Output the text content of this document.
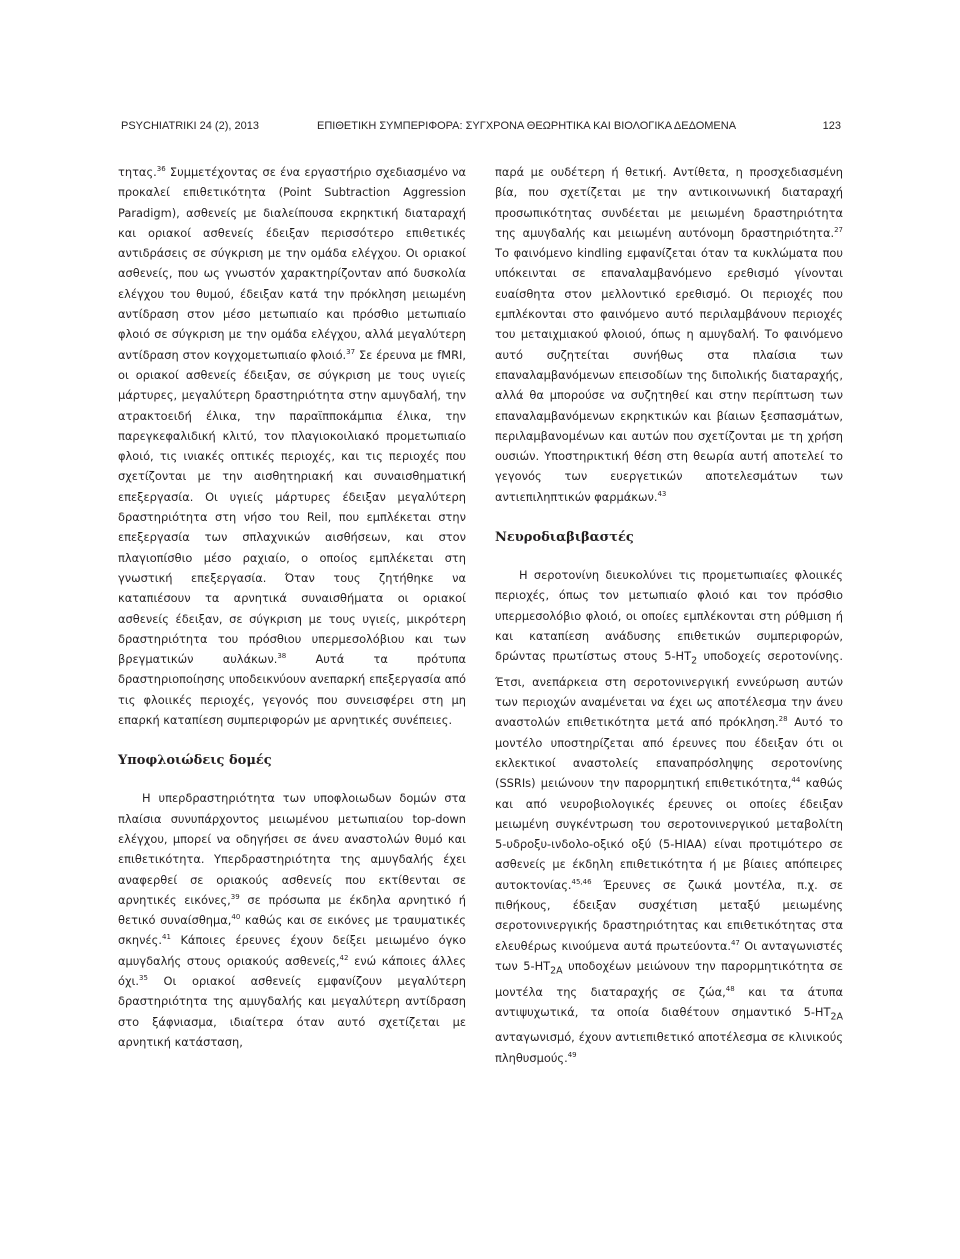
PSYCHIATRIKI 24 (2), 2013	ΕΠΙΘΕΤΙΚΗ ΣΥΜΠΕΡΙΦΟΡΑ: ΣΥΓΧΡΟΝΑ ΘΕΩΡΗΤΙΚΑ ΚΑΙ ΒΙΟΛΟΓΙΚΑ ΔΕΔΟΜΕΝΑ	123

τητας.$^{36}$ Συμμετέχοντας σε ένα εργαστήριο σχεδιασμένο να προκαλεί επιθετικότητα (Point Subtraction Aggression Paradigm), ασθενείς με διαλείπουσα εκρηκτική διαταραχή και οριακοί ασθενείς έδειξαν περισσότερο επιθετικές αντιδράσεις σε σύγκριση με την ομάδα ελέγχου. Οι οριακοί ασθενείς, που ως γνωστόν χαρακτηρίζονταν από δυσκολία ελέγχου του θυμού, έδειξαν κατά την πρόκληση μειωμένη αντίδραση στον μέσο μετωπιαίο και πρόσθιο μετωπιαίο φλοιό σε σύγκριση με την ομάδα ελέγχου, αλλά μεγαλύτερη αντίδραση στον κογχομετωπιαίο φλοιό.$^{37}$ Σε έρευνα με fMRI, οι οριακοί ασθενείς έδειξαν, σε σύγκριση με τους υγιείς μάρτυρες, μεγαλύτερη δραστηριότητα στην αμυγδαλή, την ατρακτοειδή έλικα, την παραϊπποκάμπια έλικα, την παρεγκεφαλιδική κλιτύ, τον πλαγιοκοιλιακό προμετωπιαίο φλοιό, τις ινιακές οπτικές περιοχές, και τις περιοχές που σχετίζονται με την αισθητηριακή και συναισθηματική επεξεργασία. Οι υγιείς μάρτυρες έδειξαν μεγαλύτερη δραστηριότητα στη νήσο του Reil, που εμπλέκεται στην επεξεργασία των σπλαχνικών αισθήσεων, και στον πλαγιοπίσθιο μέσο ραχιαίο, ο οποίος εμπλέκεται στη γνωστική επεξεργασία. Όταν τους ζητήθηκε να καταπιέσουν τα αρνητικά συναισθήματα οι οριακοί ασθενείς έδειξαν, σε σύγκριση με τους υγιείς, μικρότερη δραστηριότητα του πρόσθιου υπερμεσολόβιου και των βρεγματικών αυλάκων.$^{38}$ Αυτά τα πρότυπα δραστηριοποίησης υποδεικνύουν ανεπαρκή επεξεργασία από τις φλοιικές περιοχές, γεγονός που συνεισφέρει στη μη επαρκή καταπίεση συμπεριφορών με αρνητικές συνέπειες.

Υποφλοιώδεις δομές

Η υπερδραστηριότητα των υποφλοιωδων δομών στα πλαίσια συνυπάρχοντος μειωμένου μετωπιαίου top-down ελέγχου, μπορεί να οδηγήσει σε άνευ αναστολών θυμό και επιθετικότητα. Υπερδραστηριότητα της αμυγδαλής έχει αναφερθεί σε οριακούς ασθενείς που εκτίθενται σε αρνητικές εικόνες,$^{39}$ σε πρόσωπα με έκδηλα αρνητικό ή θετικό συναίσθημα,$^{40}$ καθώς και σε εικόνες με τραυματικές σκηνές.$^{41}$ Κάποιες έρευνες έχουν δείξει μειωμένο όγκο αμυγδαλής στους οριακούς ασθενείς,$^{42}$ ενώ κάποιες άλλες όχι.$^{35}$ Οι οριακοί ασθενείς εμφανίζουν μεγαλύτερη δραστηριότητα της αμυγδαλής και μεγαλύτερη αντίδραση στο ξάφνιασμα, ιδιαίτερα όταν αυτό σχετίζεται με αρνητική κατάσταση,

παρά με ουδέτερη ή θετική. Αντίθετα, η προσχεδιασμένη βία, που σχετίζεται με την αντικοινωνική διαταραχή προσωπικότητας συνδέεται με μειωμένη δραστηριότητα της αμυγδαλής και μειωμένη αυτόνομη δραστηριότητα.$^{27}$ Το φαινόμενο kindling εμφανίζεται όταν τα κυκλώματα που υπόκεινται σε επαναλαμβανόμενο ερεθισμό γίνονται ευαίσθητα στον μελλοντικό ερεθισμό. Οι περιοχές που εμπλέκονται στο φαινόμενο αυτό περιλαμβάνουν περιοχές του μεταιχμιακού φλοιού, όπως η αμυγδαλή. Το φαινόμενο αυτό συζητείται συνήθως στα πλαίσια των επαναλαμβανόμενων επεισοδίων της διπολικής διαταραχής, αλλά θα μπορούσε να συζητηθεί και στην περίπτωση των επαναλαμβανόμενων εκρηκτικών και βίαιων ξεσπασμάτων, περιλαμβανομένων και αυτών που σχετίζονται με τη χρήση ουσιών. Υποστηρικτική θέση στη θεωρία αυτή αποτελεί το γεγονός των ευεργετικών αποτελεσμάτων των αντιεπιληπτικών φαρμάκων.$^{43}$

Νευροδιαβιβαστές

Η σεροτονίνη διευκολύνει τις προμετωπιαίες φλοιικές περιοχές, όπως τον μετωπιαίο φλοιό και τον πρόσθιο υπερμεσολόβιο φλοιό, οι οποίες εμπλέκονται στη ρύθμιση ή και καταπίεση ανάδυσης επιθετικών συμπεριφορών, δρώντας πρωτίστως στους $5-HT_2$ υποδοχείς σεροτονίνης. Έτσι, ανεπάρκεια στη σεροτονινεργική εννεύρωση αυτών των περιοχών αναμένεται να έχει ως αποτέλεσμα την άνευ αναστολών επιθετικότητα μετά από πρόκληση.$^{28}$ Αυτό το μοντέλο υποστηρίζεται από έρευνες που έδειξαν ότι οι εκλεκτικοί αναστολείς επαναπρόσληψης σεροτονίνης (SSRIs) μειώνουν την παρορμητική επιθετικότητα,$^{44}$ καθώς και από νευροβιολογικές έρευνες οι οποίες έδειξαν μειωμένη συγκέντρωση του σεροτονινεργικού μεταβολίτη 5-υδροξυ-ινδολο-οξικό οξύ (5-HIAA) είναι προτιμότερο σε ασθενείς με έκδηλη επιθετικότητα ή με βίαιες απόπειρες αυτοκτονίας.$^{45,46}$ Έρευνες σε ζωικά μοντέλα, π.χ. σε πιθήκους, έδειξαν συσχέτιση μεταξύ μειωμένης σεροτονινεργικής δραστηριότητας και επιθετικότητας στα ελευθέρως κινούμενα αυτά πρωτεύοντα.$^{47}$ Οι ανταγωνιστές των $5-HT_{2A}$ υποδοχέων μειώνουν την παρορμητικότητα σε μοντέλα της διαταραχής σε ζώα,$^{48}$ και τα άτυπα αντιψυχωτικά, τα οποία διαθέτουν σημαντικό $5-HT_{2A}$ ανταγωνισμό, έχουν αντιεπιθετικό αποτέλεσμα σε κλινικούς πληθυσμούς.$^{49}$
